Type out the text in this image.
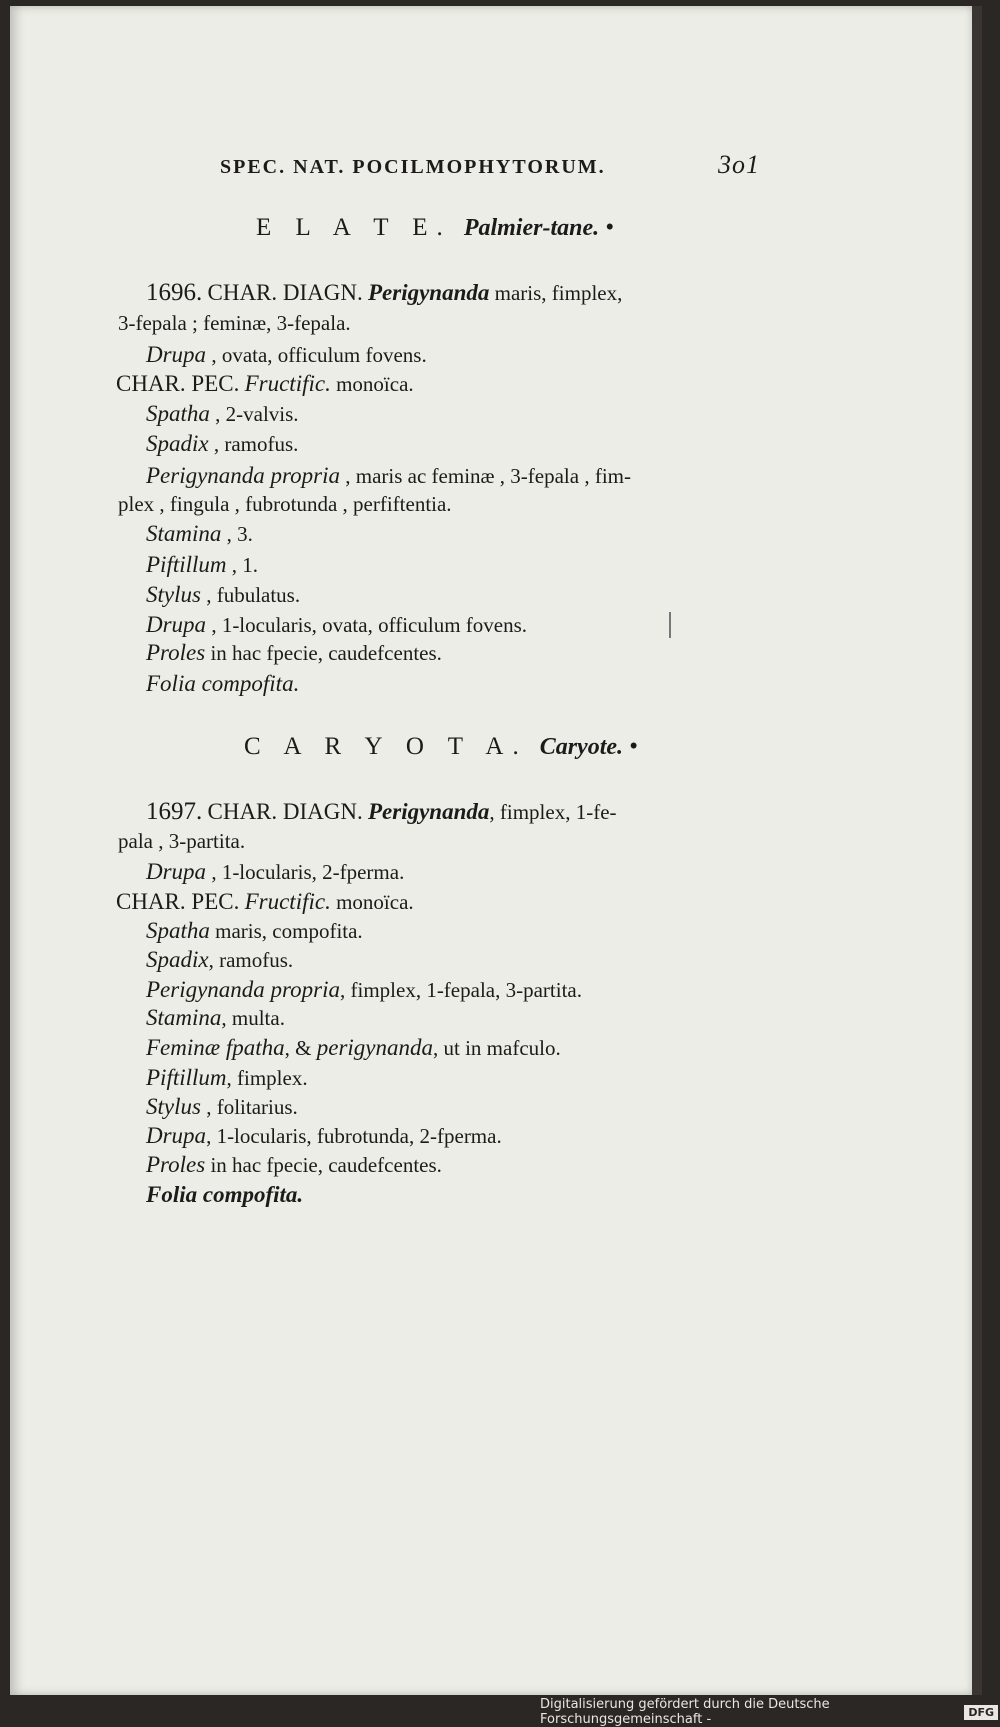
SPEC. NAT. POCILMOPHYTORUM.	3o1
E L A T E. Palmier-tane. •
1696. CHAR. DIAGN. Perigynanda maris, fimplex,
3-fepala ; feminæ, 3-fepala.
Drupa , ovata, officulum fovens.
CHAR. PEC. Fructific. monoïca.
Spatha , 2-valvis.
Spadix , ramofus.
Perigynanda propria , maris ac feminæ , 3-fepala , fim-
plex , fingula , fubrotunda , perfiftentia.
Stamina , 3.
Piftillum , 1.
Stylus , fubulatus.
Drupa , 1-locularis, ovata, officulum fovens.
Proles in hac fpecie, caudefcentes.
Folia compofita.
C A R Y O T A. Caryote. •
1697. CHAR. DIAGN. Perigynanda, fimplex, 1-fe-
pala , 3-partita.
Drupa , 1-locularis, 2-fperma.
CHAR. PEC. Fructific. monoïca.
Spatha maris, compofita.
Spadix, ramofus.
Perigynanda propria, fimplex, 1-fepala, 3-partita.
Stamina, multa.
Feminæ fpatha, & perigynanda, ut in mafculo.
Piftillum, fimplex.
Stylus , folitarius.
Drupa, 1-locularis, fubrotunda, 2-fperma.
Proles in hac fpecie, caudefcentes.
Folia compofita.
Digitalisierung gefördert durch die Deutsche Forschungsgemeinschaft -	DFG
